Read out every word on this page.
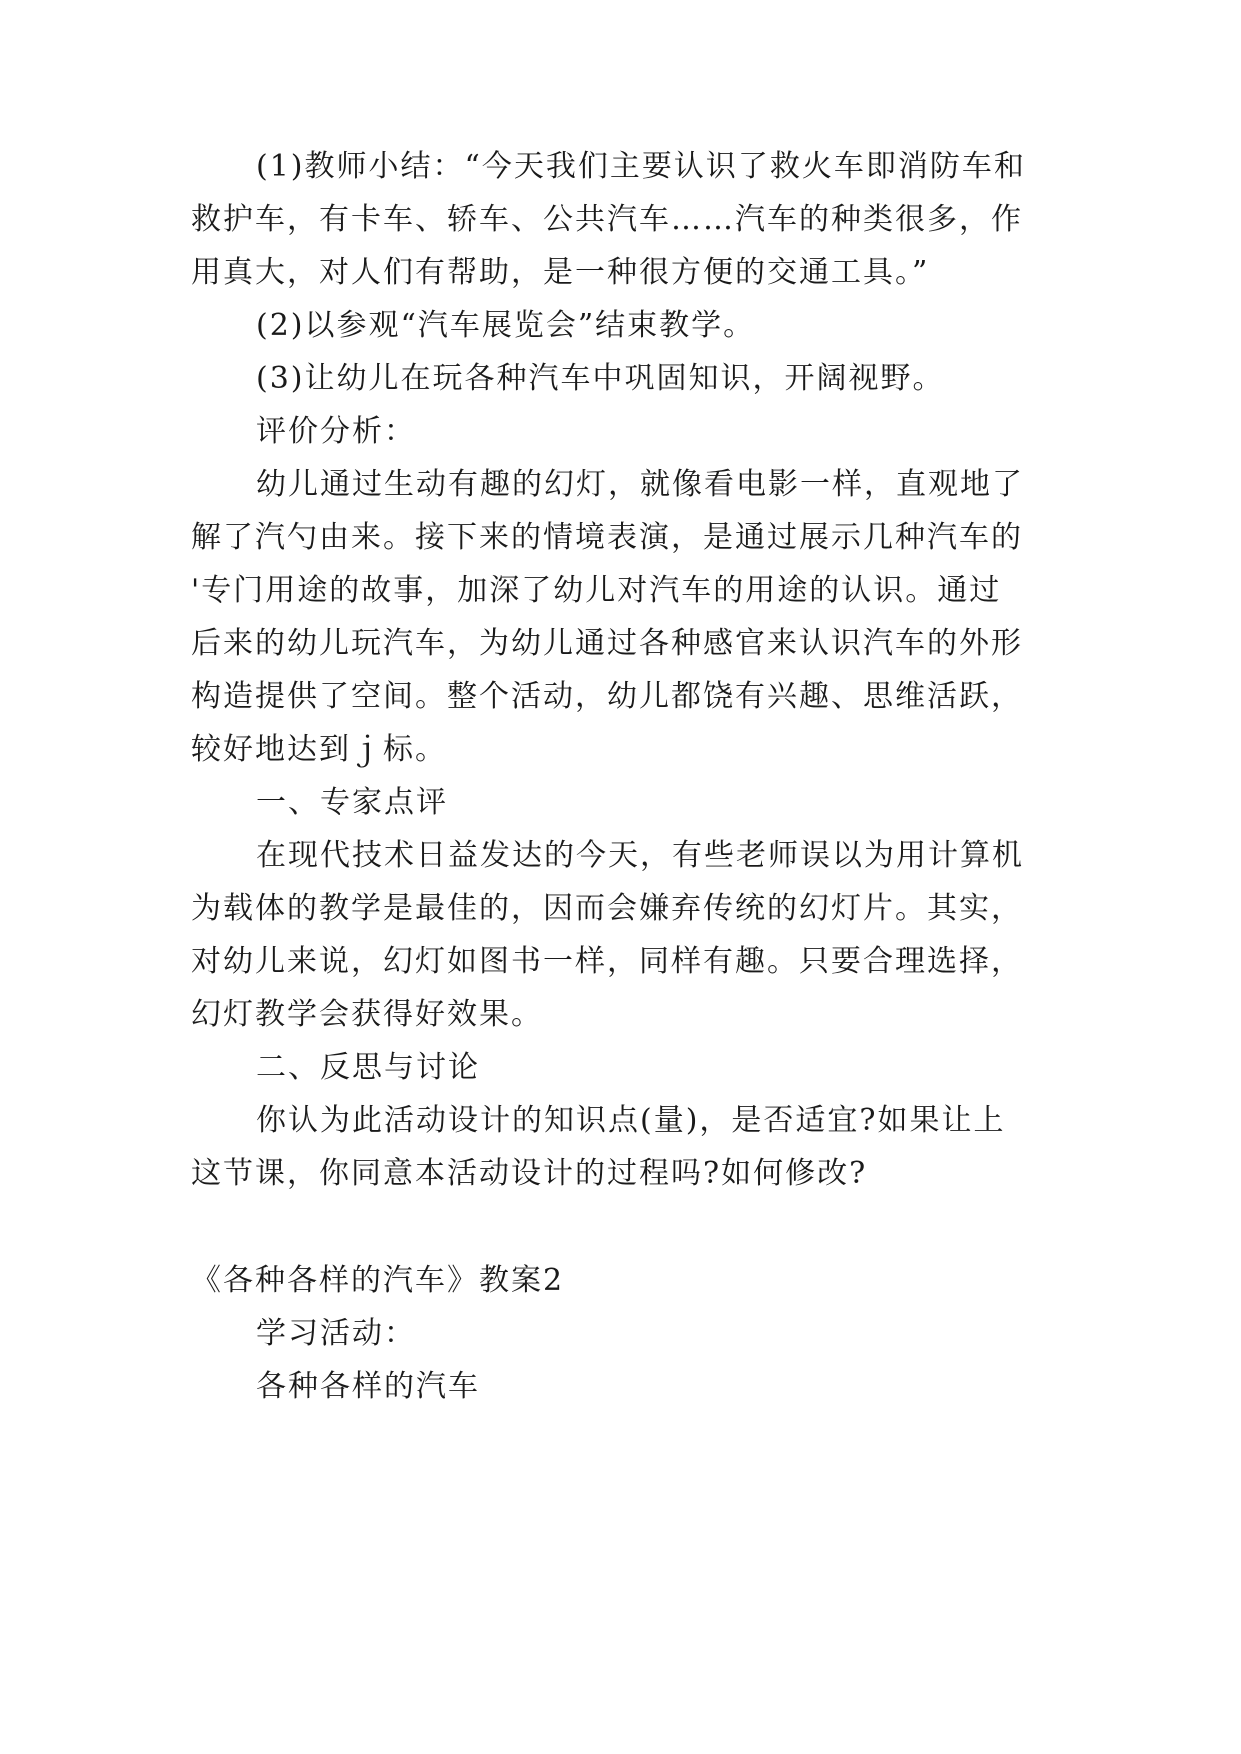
(1)教师小结：“今天我们主要认识了救火车即消防车和
救护车，有卡车、轿车、公共汽车……汽车的种类很多，作
用真大，对人们有帮助，是一种很方便的交通工具。”
(2)以参观“汽车展览会”结束教学。
(3)让幼儿在玩各种汽车中巩固知识，开阔视野。
评价分析：
幼儿通过生动有趣的幻灯，就像看电影一样，直观地了
解了汽勺由来。接下来的情境表演，是通过展示几种汽车的
'专门用途的故事，加深了幼儿对汽车的用途的认识。通过
后来的幼儿玩汽车，为幼儿通过各种感官来认识汽车的外形
构造提供了空间。整个活动，幼儿都饶有兴趣、思维活跃，
较好地达到ｊ标。
一、专家点评
在现代技术日益发达的今天，有些老师误以为用计算机
为载体的教学是最佳的，因而会嫌弃传统的幻灯片。其实，
对幼儿来说，幻灯如图书一样，同样有趣。只要合理选择，
幻灯教学会获得好效果。
二、反思与讨论
你认为此活动设计的知识点(量)，是否适宜?如果让上
这节课，你同意本活动设计的过程吗?如何修改?
《各种各样的汽车》教案2
学习活动：
各种各样的汽车
